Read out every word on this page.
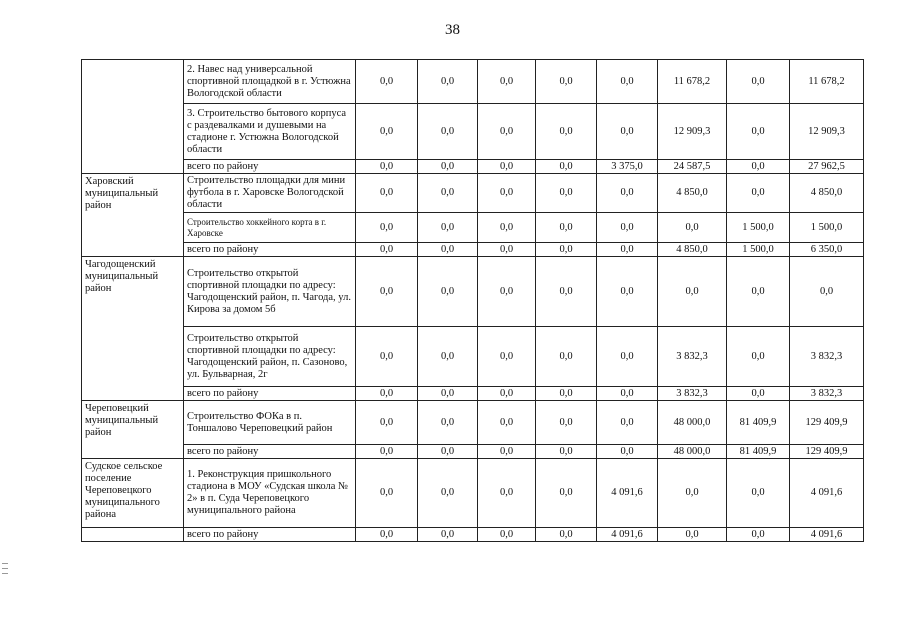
38
	2. Навес над универсальной спортивной площадкой в г. Устюжна Вологодской области	0,0	0,0	0,0	0,0	0,0	11 678,2	0,0	11 678,2
	3. Строительство бытового корпуса с раздевалками и душевыми на стадионе г. Устюжна Вологодской области	0,0	0,0	0,0	0,0	0,0	12 909,3	0,0	12 909,3
	всего по району	0,0	0,0	0,0	0,0	3 375,0	24 587,5	0,0	27 962,5
Харовский муниципальный район	Строительство площадки для мини футбола в г. Харовске Вологодской области	0,0	0,0	0,0	0,0	0,0	4 850,0	0,0	4 850,0
	Строительство хоккейного корта в г. Харовске	0,0	0,0	0,0	0,0	0,0	0,0	1 500,0	1 500,0
	всего по району	0,0	0,0	0,0	0,0	0,0	4 850,0	1 500,0	6 350,0
Чагодощенский муниципальный район	Строительство открытой спортивной площадки по адресу: Чагодощенский район, п. Чагода, ул. Кирова за домом 5б	0,0	0,0	0,0	0,0	0,0	0,0	0,0	0,0
	Строительство открытой спортивной площадки по адресу: Чагодощенский район, п. Сазоново, ул. Бульварная, 2г	0,0	0,0	0,0	0,0	0,0	3 832,3	0,0	3 832,3
	всего по району	0,0	0,0	0,0	0,0	0,0	3 832,3	0,0	3 832,3
Череповецкий муниципальный район	Строительство ФОКа в п. Тоншалово Череповецкий район	0,0	0,0	0,0	0,0	0,0	48 000,0	81 409,9	129 409,9
	всего по району	0,0	0,0	0,0	0,0	0,0	48 000,0	81 409,9	129 409,9
Судское сельское поселение Череповецкого муниципального района	1. Реконструкция пришкольного стадиона в МОУ «Судская школа № 2» в п. Суда Череповецкого муниципального района	0,0	0,0	0,0	0,0	4 091,6	0,0	0,0	4 091,6
	всего по району	0,0	0,0	0,0	0,0	4 091,6	0,0	0,0	4 091,6
